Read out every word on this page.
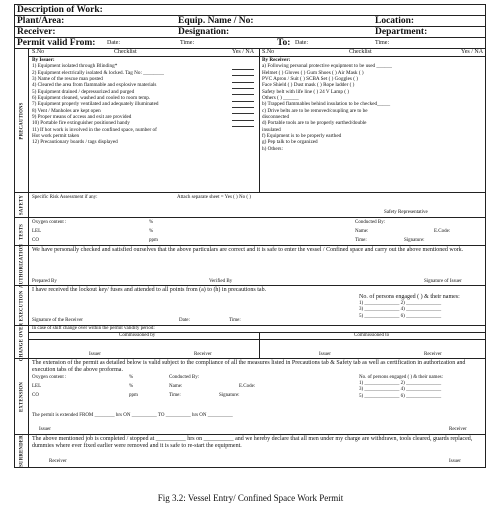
Description of Work:
Plant/Area:	Equip. Name / No:	Location:
Receiver:	Designation:	Department:
Permit valid From: Date:	Time:	To: Date:	Time:
PRECAUTIONS
S.No	Checklist	Yes / NA S.No	Checklist	Yes / NA
By Issuer:
1) Equipment isolated through Blinding*
2) Equipment electrically isolated & locked. Tag No: ________
3) Name of the rescue man posted
4) Cleared the area from flammable and explosive materials
5) Equipment drained / depressurized and purged
6) Equipment cleaned, washed and cooled to room temp.
7) Equipment properly ventilated and adequately illuminated
8) Vent / Manholes are kept open
9) Proper means of access and exit are provided
10) Portable fire extinguisher positioned handy
11) If hot work is involved in the confined space, number of
Hot work permit taken
12) Precautionary boards / tags displayed
By Receiver:
a) Following personal protective equipment to be used ______
Helmet ( ) Gloves ( ) Gum Shoes ( ) Air Mask ( )
PVC Apron / Suit ( ) SCBA Set ( ) Goggles ( )
Face Shield ( ) Dust mask ( ) Rope ladder ( )
Safety belt with life line ( ) 24 V Lamp ( )
Others ( ) ______
b) Trapped flammables behind insulation to be checked_____
c) Drive belts are to be removed/coupling are to be
disconnected
d) Portable tools are to be properly earthed/double
insulated
f) Equipment is to be properly earthed
g) Pep talk to be organized
h) Others:
SAFETY Specific Risk Assessment if any:	Attach separate sheet = Yes ( ) No ( )
Safety Representative
TESTS
Oxygen content :	%
LEL	%
CO	ppm
Conducted By:
Name:	E.Code:
Time:	Signature:
AUTHORIZATION We have personally checked and satisfied ourselves that the above particulars are correct and it is safe to enter the vessel / Confined space and carry out the above mentioned work.
Prepared By	Verified By	Signature of Issuer
EXECUTION
I have received the lockout key/ fuses and attended to all points from (a) to (h) in precautions tab.
No. of persons engaged ( ) & their names:
1) ______________ 2) ______________
3) ______________ 4) ______________
5) ______________ 6) ______________
Signature of the Receiver	Date:	Time:
CHANGE OVER In case of shift change over within the permit validity period:
Commissioned by	Commissioned to
Issuer	Receiver	Issuer	Receiver
EXTENSION
The extension of the permit as detailed below is valid subject to the compliance of all the measures listed in Precautions tab & Safety tab as well as certification in authorization and execution tabs of the above proforma.
Oxygen content :	%
LEL	%
CO	ppm
Conducted By:
Name:	E.Code:
Time:	Signature:
No. of persons engaged ( ) & their names:
1) ______________ 2) ______________
3) ______________ 4) ______________
5) ______________ 6) ______________
The permit is extended FROM ________ hrs ON __________ TO __________ hrs ON __________
Issuer	Receiver
SURRENDER The above mentioned job is completed / stopped at __________ hrs on __________ and we hereby declare that all men under my charge are withdrawn, tools cleared, guards replaced, dummies where ever fixed earlier were removed and it is safe to re-start the equipment.
Receiver	Issuer
Fig 3.2: Vessel Entry/ Confined Space Work Permit
